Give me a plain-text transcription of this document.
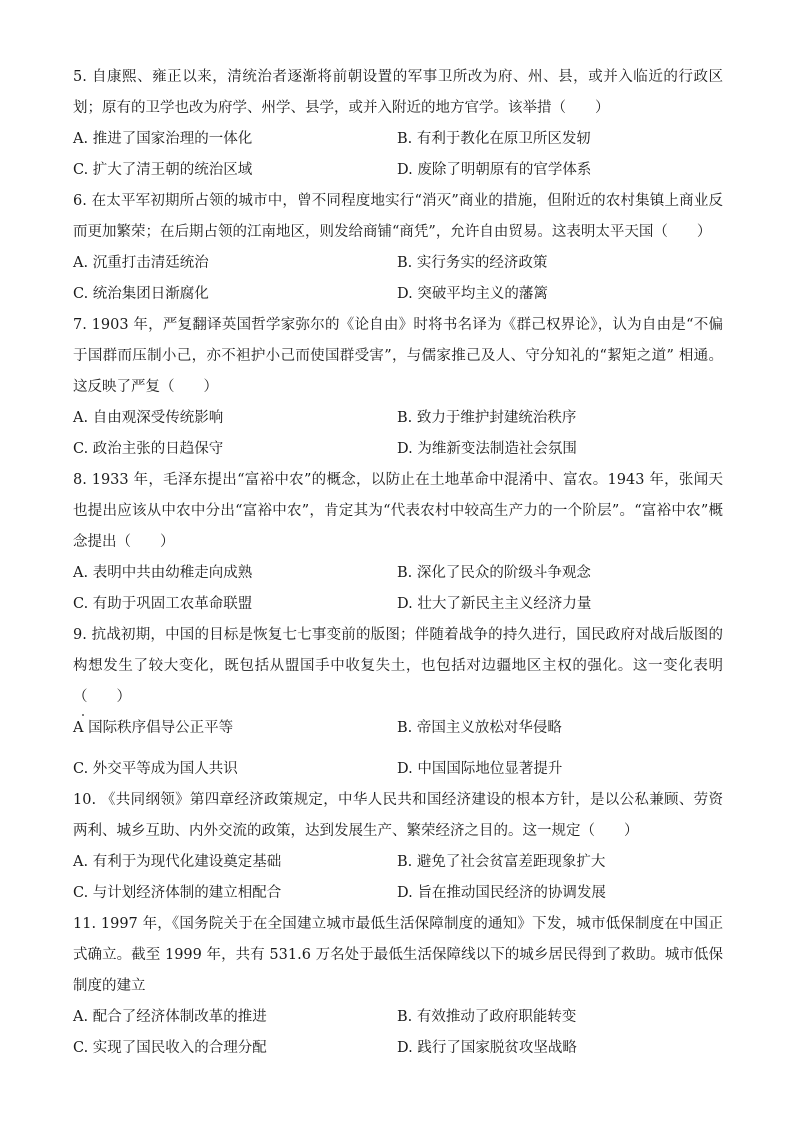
5. 自康熙、雍正以来，清统治者逐渐将前朝设置的军事卫所改为府、州、县，或并入临近的行政区划；原有的卫学也改为府学、州学、县学，或并入附近的地方官学。该举措（　　）

A. 推进了国家治理的一体化	B. 有利于教化在原卫所区发轫
C. 扩大了清王朝的统治区域	D. 废除了明朝原有的官学体系

6. 在太平军初期所占领的城市中，曾不同程度地实行“消灭”商业的措施，但附近的农村集镇上商业反而更加繁荣；在后期占领的江南地区，则发给商铺“商凭”，允许自由贸易。这表明太平天国（　　）

A. 沉重打击清廷统治	B. 实行务实的经济政策
C. 统治集团日渐腐化	D. 突破平均主义的藩篱

7. 1903 年，严复翻译英国哲学家弥尔的《论自由》时将书名译为《群己权界论》，认为自由是“不偏于国群而压制小己，亦不袒护小己而使国群受害”，与儒家推己及人、守分知礼的“絜矩之道” 相通。这反映了严复（　　）

A. 自由观深受传统影响	B. 致力于维护封建统治秩序
C. 政治主张的日趋保守	D. 为维新变法制造社会氛围

8. 1933 年，毛泽东提出“富裕中农”的概念，以防止在土地革命中混淆中、富农。1943 年，张闻天也提出应该从中农中分出“富裕中农”，肯定其为“代表农村中较高生产力的一个阶层”。“富裕中农”概念提出（　　）

A. 表明中共由幼稚走向成熟	B. 深化了民众的阶级斗争观念
C. 有助于巩固工农革命联盟	D. 壮大了新民主主义经济力量

9. 抗战初期，中国的目标是恢复七七事变前的版图；伴随着战争的持久进行，国民政府对战后版图的构想发生了较大变化，既包括从盟国手中收复失土，也包括对边疆地区主权的强化。这一变化表明（　　）

A 国际秩序倡导公正平等	B. 帝国主义放松对华侵略
C. 外交平等成为国人共识	D. 中国国际地位显著提升

10. 《共同纲领》第四章经济政策规定，中华人民共和国经济建设的根本方针，是以公私兼顾、劳资两利、城乡互助、内外交流的政策，达到发展生产、繁荣经济之目的。这一规定（　　）

A. 有利于为现代化建设奠定基础	B. 避免了社会贫富差距现象扩大
C. 与计划经济体制的建立相配合	D. 旨在推动国民经济的协调发展

11. 1997 年，《国务院关于在全国建立城市最低生活保障制度的通知》下发，城市低保制度在中国正式确立。截至 1999 年，共有 531.6 万名处于最低生活保障线以下的城乡居民得到了救助。城市低保制度的建立

A. 配合了经济体制改革的推进	B. 有效推动了政府职能转变
C. 实现了国民收入的合理分配	D. 践行了国家脱贫攻坚战略
